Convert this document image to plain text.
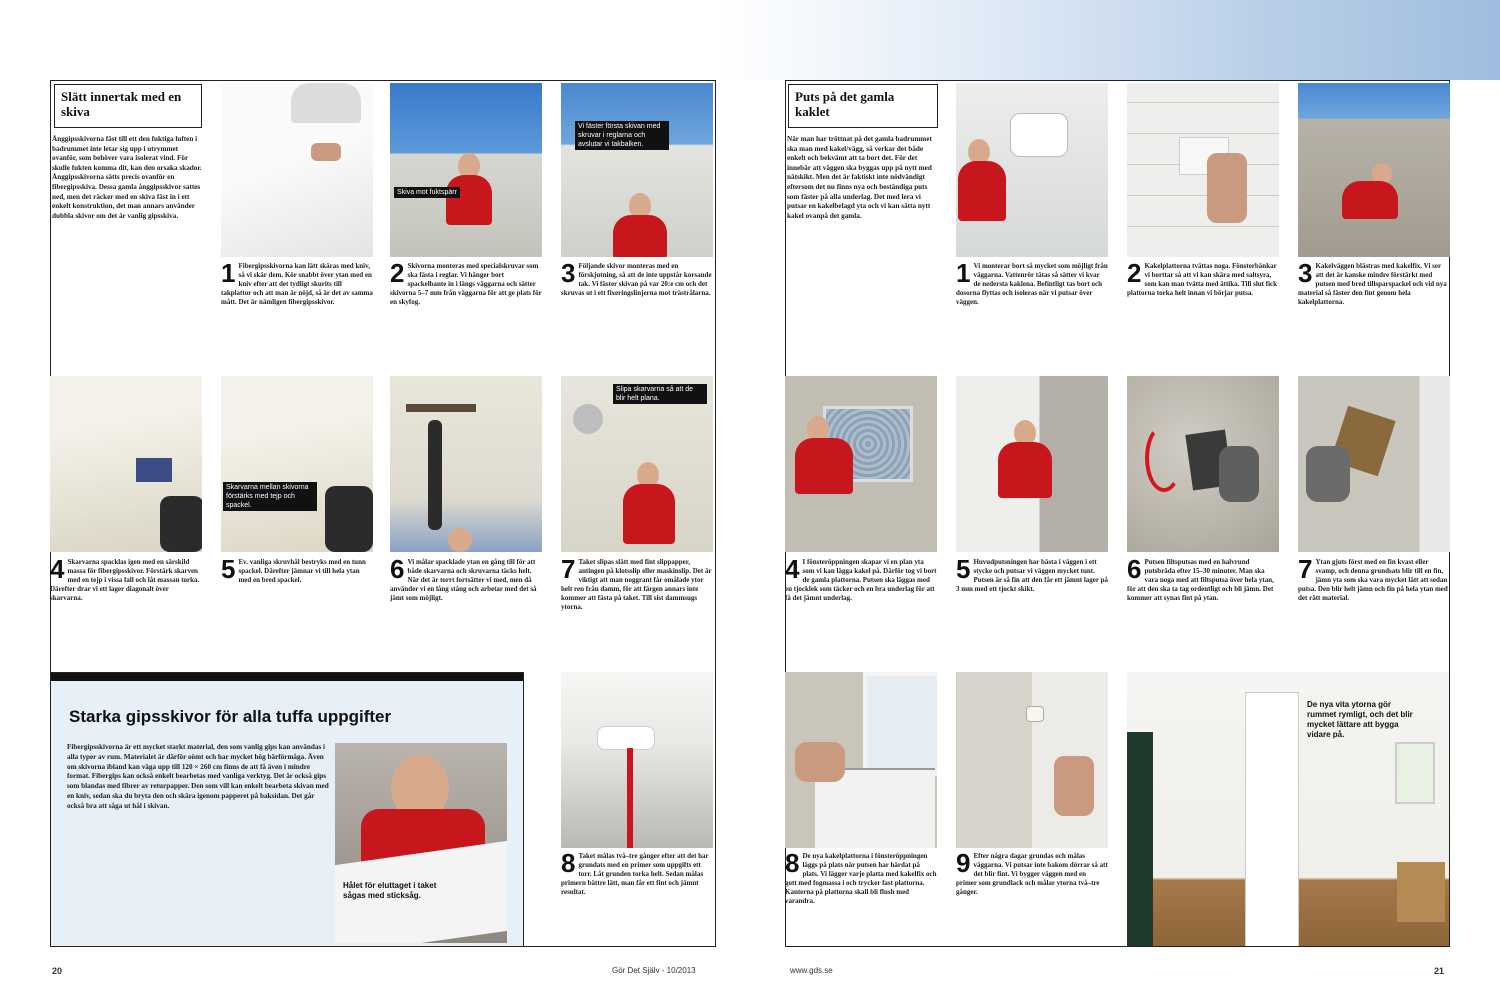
Slätt innertak med en skiva
Ånggipsskivorna fäst till ett den fuktiga luften i badrummet inte letar sig upp i utrymmet ovanför, som behöver vara isolerat vind. För skulle fukten komma dit, kan den orsaka skador. Ånggipsskivorna sätts precis ovanför en fibergipsskiva. Dessa gamla ånggipsskivor sattes ned, men det räcker med en skiva fäst in i ett enkelt konstruktion, det man annars använder dubbla skivor om det är vanlig gipsskiva.
Skiva mot fuktspärr
Vi fäster första skivan med skruvar i reglarna och avslutar vi takbalken.
1 Fibergipsskivorna kan lätt skäras med kniv, så vi skär dem. Kör snabbt över ytan med en kniv efter att det tydligt skurits till takplattor och att man är nöjd, så är det av samma mått. Det är nämligen fibergipsskivor.
2 Skivorna monteras med specialskruvar som ska fästa i reglar. Vi hänger bort spackelbante in i längs väggarna och sätter skivorna 5–7 mm från väggarna för att ge plats för en skyfog.
3 Följande skivor monteras med en förskjutning, så att de inte uppstår korsande tak. Vi fäster skivan på var 20:e cm och det skruvas ut i ett fixeringslinjerna mot trästrålarna.
Skarvarna mellan skivorna förstärks med tejp och spackel.
Slipa skarvarna så att de blir helt plana.
4 Skarvarna spacklas igen med en särskild massa för fibergipsskivor. Förstärk skarven med en tejp i vissa fall och låt massan torka. Därefter drar vi ett lager diagonalt över skarvarna.
5 Ev. vanliga skruvhål bestryks med en tunn spackel. Därefter jämnar vi till hela ytan med en bred spackel.	6 Vi målar spacklade ytan en gång till för att både skarvarna och skruvarna täcks helt. När det är torrt fortsätter vi med, men då använder vi en lång stång och arbetar med det så jämt som möjligt.
7 Taket slipas slätt med fint slippapper, antingen på klotsslip eller maskinslip. Det är viktigt att man noggrant får omålade ytor helt ren från damm, för att färgen annars inte kommer att fästa på taket. Till sist dammsugs ytorna.
Starka gipsskivor för alla tuffa uppgifter
Fibergipsskivorna är ett mycket starkt material, den som vanlig gips kan användas i alla typer av rum. Materialet är därför oömt och har mycket hög bärförmåga. Även om skivorna ibland kan väga upp till 120 × 260 cm finns de att få även i mindre format. Fibergips kan också enkelt bearbetas med vanliga verktyg. Det är också gips som blandas med fibrer av returpapper. Den som vill kan enkelt bearbeta skivan med en kniv, sedan ska du bryta den och skära igenom papperet på baksidan. Det går också bra att såga ut hål i skivan.
Hålet för eluttaget i taket sågas med sticksåg.
8 Taket målas två–tre gånger efter att det har grundats med en primer som uppgifts ett torr. Låt grunden torka helt. Sedan målas primern bättre lätt, man får ett fint och jämnt resultat.
20	Gör Det Själv - 10/2013
Puts på det gamla kaklet
När man har tröttnat på det gamla badrummet ska man med kakel/vägg, så verkar det både enkelt och bekvämt att ta bort det. För det innebär att väggen ska byggas upp på nytt med nätskikt. Men det är faktiskt inte nödvändigt eftersom det nu finns nya och beständiga puts som fäster på alla underlag. Det med lera vi putsar en kakelbelagd yta och vi kan sätta nytt kakel ovanpå det gamla.
1 Vi monterar bort så mycket som möjligt från väggarna. Vattenrör tätas så sätter vi kvar de nedersta kaklena. Befintligt tas bort och dosorna flyttas och isoleras när vi putsar över väggen.
2 Kakelplattorna tvättas noga. Fönsterbänkar vi borttar så att vi kan skära med saltsyra, som kan man tvätta med ättika. Till slut fick plattorna torka helt innan vi börjar putsa.
3 Kakelväggen blästras med kakelfix. Vi ser att det är kanske mindre förstärkt med putsen med bred tillsparspackel och vid nya material så fäster den fint genom hela kakelplattorna.
4 I fönsteröppningen skapar vi en plan yta som vi kan lägga kakel på. Därför tog vi bort de gamla plattorna. Putsen ska läggas med en tjocklek som täcker och en bra underlag för att få det jämnt underlag.
5 Huvudputsningen har bästa i väggen i ett stycke och putsar vi väggen mycket tunt. Putsen är så fin att den får ett jämnt lager på 3 mm med ett tjockt skikt.
6 Putsen filtsputsas med en halvrund putsbräda efter 15–30 minuter. Man ska vara noga med att filtsputsa över hela ytan, för att den ska ta tag ordentligt och bli jämn. Det kommer att synas fint på ytan.
7 Ytan gjuts först med en fin kvast eller svamp, och denna grundsats blir till en fin, jämn yta som ska vara mycket lätt att sedan putsa. Den blir helt jämn och fin på hela ytan med det rätt material.
8 De nya kakelplattorna i fönsteröppningen läggs på plats när putsen har härdat på plats. Vi lägger varje platta med kakelfix och gott med fogmassa i och trycker fast plattorna. Kanterna på plattorna skall bli flush med varandra.
9 Efter några dagar grundas och målas väggarna. Vi putsar inte bakom dörrar så att det blir fint. Vi bygger väggen med en primer som grundlack och målar ytorna två–tre gånger.
De nya vita ytorna gör rummet rymligt, och det blir mycket lättare att bygga vidare på.
www.gds.se	21
